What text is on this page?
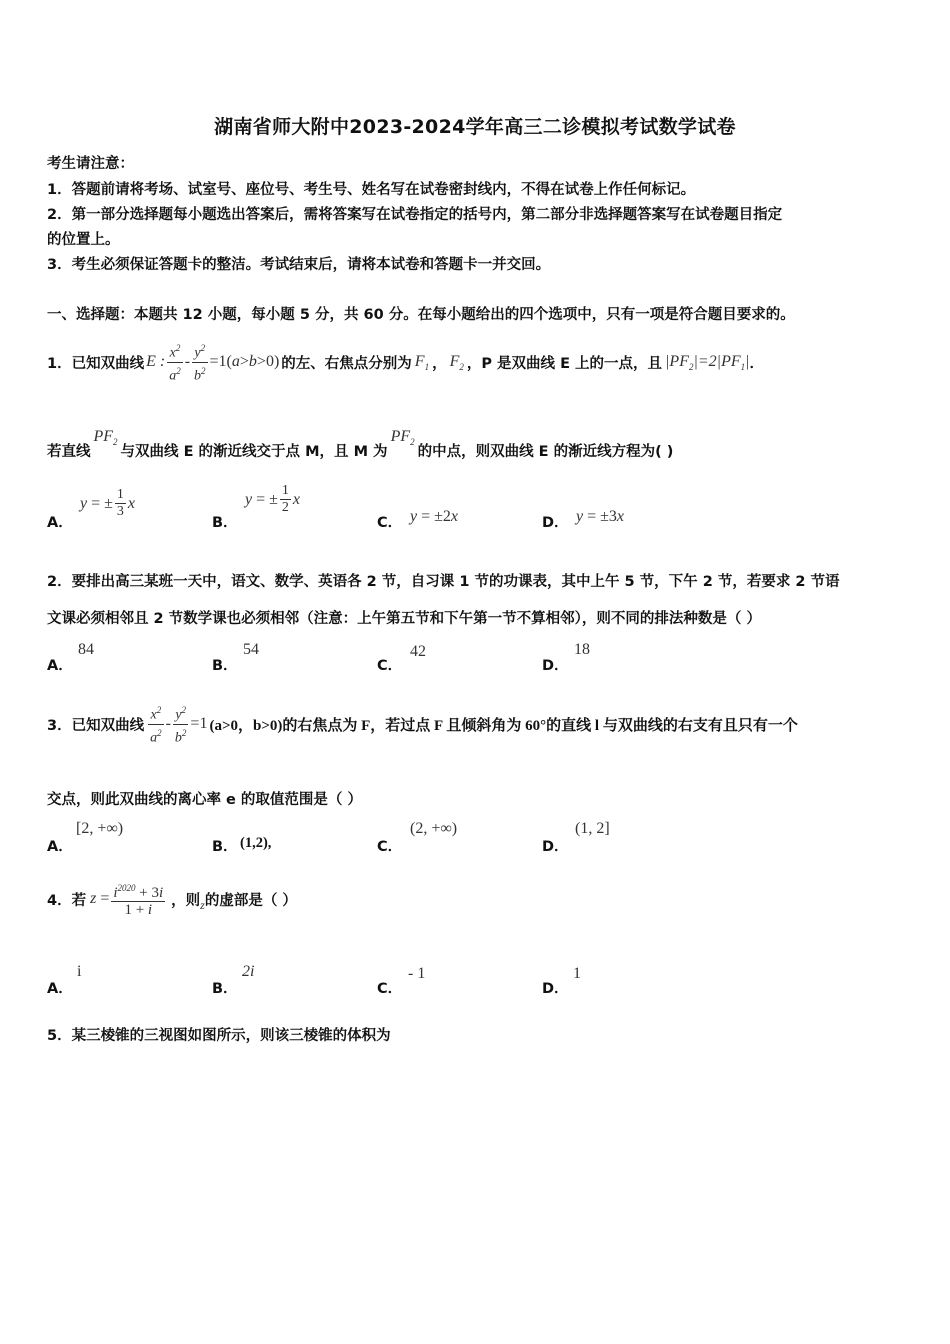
湖南省师大附中2023-2024学年高三二诊模拟考试数学试卷
考生请注意：
1．答题前请将考场、试室号、座位号、考生号、姓名写在试卷密封线内，不得在试卷上作任何标记。
2．第一部分选择题每小题选出答案后，需将答案写在试卷指定的括号内，第二部分非选择题答案写在试卷题目指定
的位置上。
3．考生必须保证答题卡的整洁。考试结束后，请将本试卷和答题卡一并交回。
一、选择题：本题共 12 小题，每小题 5 分，共 60 分。在每小题给出的四个选项中，只有一项是符合题目要求的。
1． 已知双曲线 E : $\frac{x^2}{a^2} - \frac{y^2}{b^2} =1$( a > b >0) 的左、右焦点分别为 $F_1$ ， $F_2$ ，P 是双曲线 E 上的一点，且 $|PF_2|=2|PF_1|$ ．
若直线
$PF_2$
与双曲线 E 的渐近线交于点 M，且 M 为
$PF_2$
的中点，则双曲线 E 的渐近线方程为( )
A．
y = ± $\frac{1}{3}$ x
B．
y = ± $\frac{1}{2}$ x
C． y = ±2x	D． y = ±3x
2．要排出高三某班一天中，语文、数学、英语各 2 节，自习课 1 节的功课表，其中上午 5 节，下午 2 节，若要求 2 节语
文课必须相邻且 2 节数学课也必须相邻（注意：上午第五节和下午第一节不算相邻），则不同的排法种数是（ ）
A．
84
B．
54
C．
42
D．
18
3． 已知双曲线 $\frac{x^2}{a^2} - \frac{y^2}{b^2} =1$ (a>0，b>0)的右焦点为 F，若过点 F 且倾斜角为 60°的直线 l 与双曲线的右支有且只有一个
交点，则此双曲线的离心率 e 的取值范围是（ ）
A．
[2, +∞)
B． (1,2),	C．
(2, +∞)
D．
(1, 2]
4． 若 $z = \frac{i^{2020} + 3i}{1 + i}$ ，则 z 的虚部是（ ）
A．
i
B．
2i
C．
- 1
D．
1
5．某三棱锥的三视图如图所示，则该三棱锥的体积为
